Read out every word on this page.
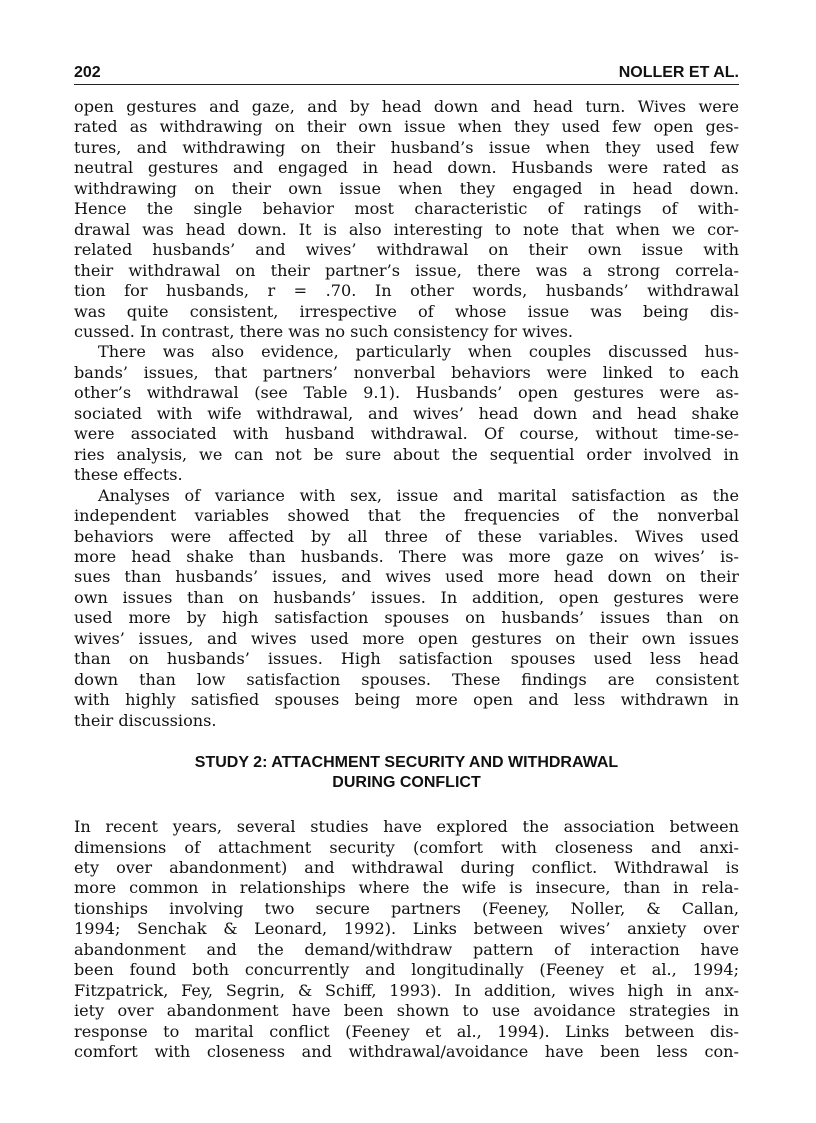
202	NOLLER ET AL.
open gestures and gaze, and by head down and head turn. Wives were
rated as withdrawing on their own issue when they used few open ges-
tures, and withdrawing on their husband’s issue when they used few
neutral gestures and engaged in head down. Husbands were rated as
withdrawing on their own issue when they engaged in head down.
Hence the single behavior most characteristic of ratings of with-
drawal was head down. It is also interesting to note that when we cor-
related husbands’ and wives’ withdrawal on their own issue with
their withdrawal on their partner’s issue, there was a strong correla-
tion for husbands, r = .70. In other words, husbands’ withdrawal
was quite consistent, irrespective of whose issue was being dis-
cussed. In contrast, there was no such consistency for wives.
There was also evidence, particularly when couples discussed hus-
bands’ issues, that partners’ nonverbal behaviors were linked to each
other’s withdrawal (see Table 9.1). Husbands’ open gestures were as-
sociated with wife withdrawal, and wives’ head down and head shake
were associated with husband withdrawal. Of course, without time-se-
ries analysis, we can not be sure about the sequential order involved in
these effects.
Analyses of variance with sex, issue and marital satisfaction as the
independent variables showed that the frequencies of the nonverbal
behaviors were affected by all three of these variables. Wives used
more head shake than husbands. There was more gaze on wives’ is-
sues than husbands’ issues, and wives used more head down on their
own issues than on husbands’ issues. In addition, open gestures were
used more by high satisfaction spouses on husbands’ issues than on
wives’ issues, and wives used more open gestures on their own issues
than on husbands’ issues. High satisfaction spouses used less head
down than low satisfaction spouses. These findings are consistent
with highly satisfied spouses being more open and less withdrawn in
their discussions.
STUDY 2: ATTACHMENT SECURITY AND WITHDRAWAL
DURING CONFLICT
In recent years, several studies have explored the association between
dimensions of attachment security (comfort with closeness and anxi-
ety over abandonment) and withdrawal during conflict. Withdrawal is
more common in relationships where the wife is insecure, than in rela-
tionships involving two secure partners (Feeney, Noller, & Callan,
1994; Senchak & Leonard, 1992). Links between wives’ anxiety over
abandonment and the demand/withdraw pattern of interaction have
been found both concurrently and longitudinally (Feeney et al., 1994;
Fitzpatrick, Fey, Segrin, & Schiff, 1993). In addition, wives high in anx-
iety over abandonment have been shown to use avoidance strategies in
response to marital conflict (Feeney et al., 1994). Links between dis-
comfort with closeness and withdrawal/avoidance have been less con-
